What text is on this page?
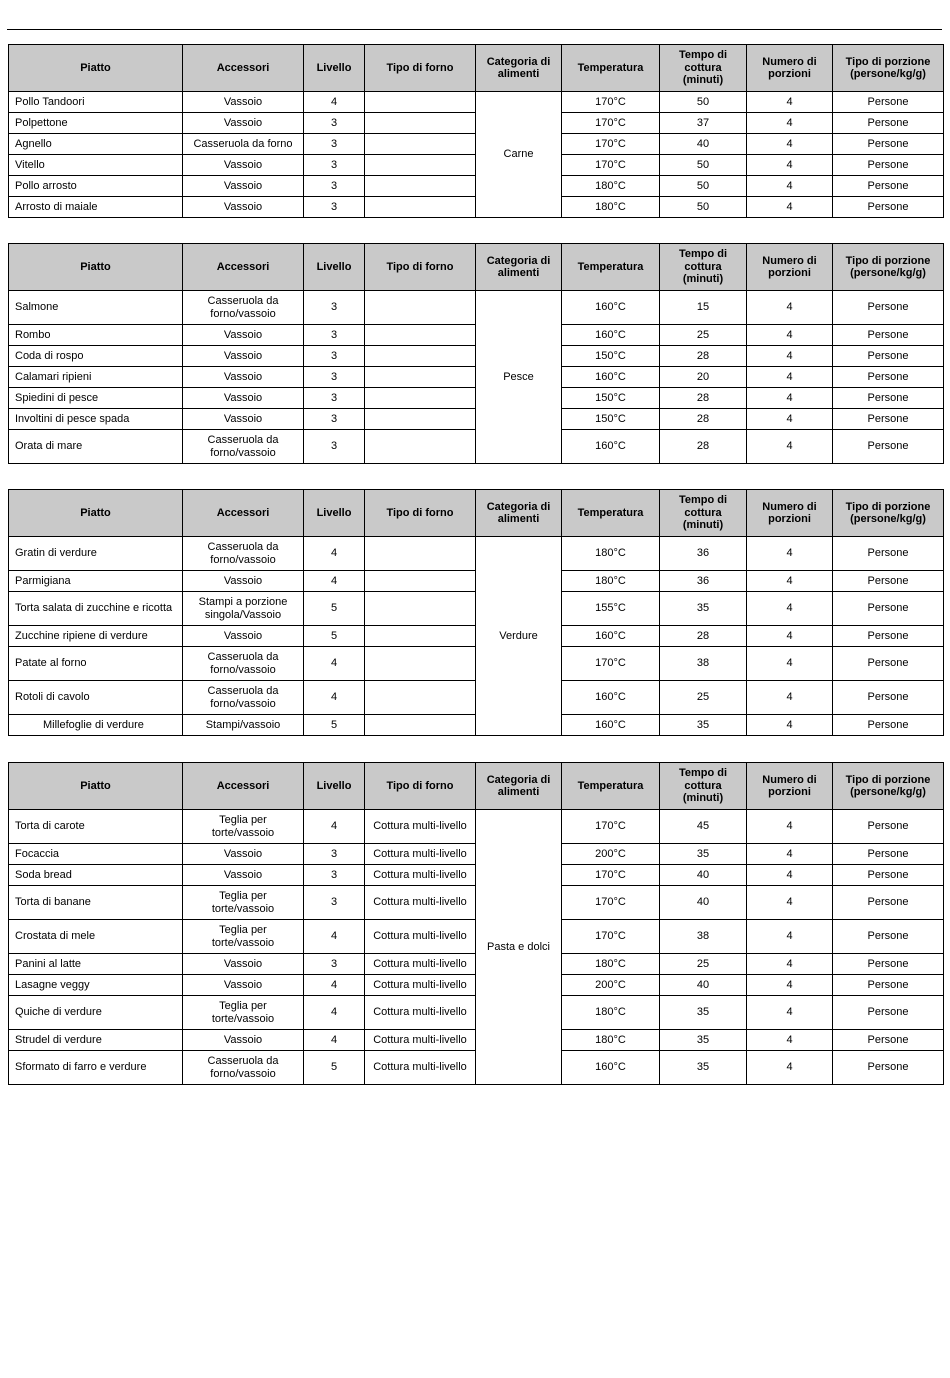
Piatto	Accessori	Livello	Tipo di forno	Categoria di alimenti	Temperatura	Tempo di cottura (minuti)	Numero di porzioni	Tipo di porzione (persone/kg/g)
Pollo Tandoori	Vassoio	4		Carne	170°C	50	4	Persone
Polpettone	Vassoio	3			170°C	37	4	Persone
Agnello	Casseruola da forno	3			170°C	40	4	Persone
Vitello	Vassoio	3			170°C	50	4	Persone
Pollo arrosto	Vassoio	3			180°C	50	4	Persone
Arrosto di maiale	Vassoio	3			180°C	50	4	Persone
Piatto	Accessori	Livello	Tipo di forno	Categoria di alimenti	Temperatura	Tempo di cottura (minuti)	Numero di porzioni	Tipo di porzione (persone/kg/g)
Salmone	Casseruola da forno/vassoio	3		Pesce	160°C	15	4	Persone
Rombo	Vassoio	3			160°C	25	4	Persone
Coda di rospo	Vassoio	3			150°C	28	4	Persone
Calamari ripieni	Vassoio	3			160°C	20	4	Persone
Spiedini di pesce	Vassoio	3			150°C	28	4	Persone
Involtini di pesce spada	Vassoio	3			150°C	28	4	Persone
Orata di mare	Casseruola da forno/vassoio	3			160°C	28	4	Persone
Piatto	Accessori	Livello	Tipo di forno	Categoria di alimenti	Temperatura	Tempo di cottura (minuti)	Numero di porzioni	Tipo di porzione (persone/kg/g)
Gratin di verdure	Casseruola da forno/vassoio	4		Verdure	180°C	36	4	Persone
Parmigiana	Vassoio	4			180°C	36	4	Persone
Torta salata di zucchine e ricotta	Stampi a porzione singola/Vassoio	5			155°C	35	4	Persone
Zucchine ripiene di verdure	Vassoio	5			160°C	28	4	Persone
Patate al forno	Casseruola da forno/vassoio	4			170°C	38	4	Persone
Rotoli di cavolo	Casseruola da forno/vassoio	4			160°C	25	4	Persone
Millefoglie di verdure	Stampi/vassoio	5			160°C	35	4	Persone
Piatto	Accessori	Livello	Tipo di forno	Categoria di alimenti	Temperatura	Tempo di cottura (minuti)	Numero di porzioni	Tipo di porzione (persone/kg/g)
Torta di carote	Teglia per torte/vassoio	4	Cottura multi-livello	Pasta e dolci	170°C	45	4	Persone
Focaccia	Vassoio	3	Cottura multi-livello		200°C	35	4	Persone
Soda bread	Vassoio	3	Cottura multi-livello		170°C	40	4	Persone
Torta di banane	Teglia per torte/vassoio	3	Cottura multi-livello		170°C	40	4	Persone
Crostata di mele	Teglia per torte/vassoio	4	Cottura multi-livello		170°C	38	4	Persone
Panini al latte	Vassoio	3	Cottura multi-livello		180°C	25	4	Persone
Lasagne veggy	Vassoio	4	Cottura multi-livello		200°C	40	4	Persone
Quiche di verdure	Teglia per torte/vassoio	4	Cottura multi-livello		180°C	35	4	Persone
Strudel di verdure	Vassoio	4	Cottura multi-livello		180°C	35	4	Persone
Sformato di farro e verdure	Casseruola da forno/vassoio	5	Cottura multi-livello		160°C	35	4	Persone
